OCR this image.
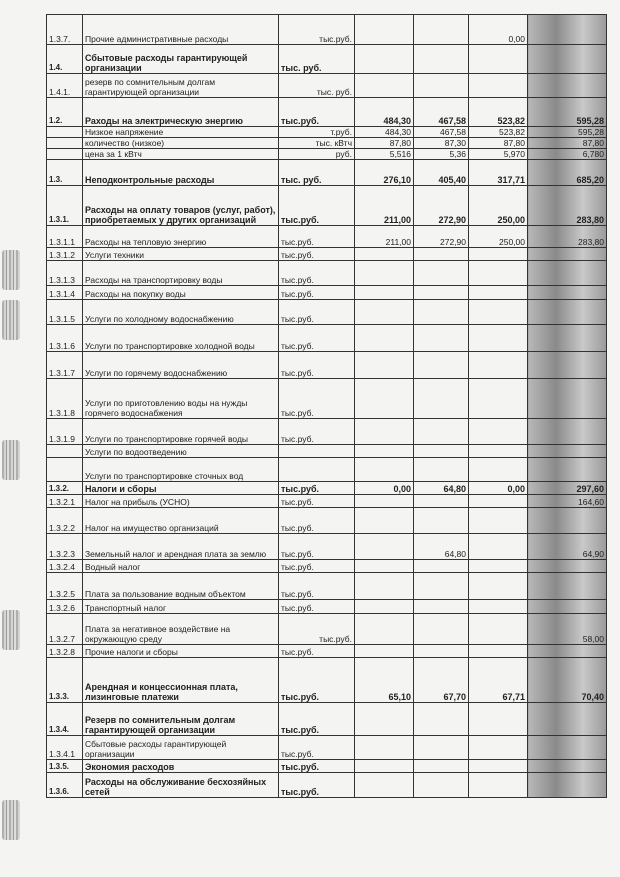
1.3.7.	Прочие административные расходы	тыс.руб.			0,00	
1.4.	Сбытовые расходы гарантирующей организации	тыс. руб.				
1.4.1.	резерв по сомнительным долгам гарантирующей организации	тыс. руб.				
1.2.	Раходы на электрическую энергию	тыс.руб.	484,30	467,58	523,82	595,28
	Низкое напряжение	т.руб.	484,30	467,58	523,82	595,28
	количество (низкое)	тыс. кВтч	87,80	87,30	87,80	87,80
	цена за 1 кВтч	руб.	5,516	5,36	5,970	6,780
1.3.	Неподконтрольные расходы	тыс. руб.	276,10	405,40	317,71	685,20
1.3.1.	Расходы на оплату товаров (услуг, работ), приобретаемых у других организаций	тыс.руб.	211,00	272,90	250,00	283,80
1.3.1.1	Расходы на тепловую энергию	тыс.руб.	211,00	272,90	250,00	283,80
1.3.1.2	Услуги техники	тыс.руб.				
1.3.1.3	Расходы на транспортировку воды	тыс.руб.				
1.3.1.4	Расходы на покупку воды	тыс.руб.				
1.3.1.5	Услуги по холодному водоснабжению	тыс.руб.				
1.3.1.6	Услуги по транспортировке холодной воды	тыс.руб.				
1.3.1.7	Услуги по горячему водоснабжению	тыс.руб.				
1.3.1.8	Услуги по приготовлению воды на нужды горячего водоснабжения	тыс.руб.				
1.3.1.9	Услуги по транспортировке горячей воды	тыс.руб.				
	Услуги по водоотведению					
	Услуги по транспортировке сточных вод					
1.3.2.	Налоги и сборы	тыс.руб.	0,00	64,80	0,00	297,60
1.3.2.1	Налог на прибыль (УСНО)	тыс.руб.				164,60
1.3.2.2	Налог на имущество организаций	тыс.руб.				
1.3.2.3	Земельный налог и арендная плата за землю	тыс.руб.		64,80		64,90
1.3.2.4	Водный налог	тыс.руб.				
1.3.2.5	Плата за пользование водным объектом	тыс.руб.				
1.3.2.6	Транспортный налог	тыс.руб.				
1.3.2.7	Плата за негативное воздействие на окружающую среду	тыс.руб.				58,00
1.3.2.8	Прочие налоги и сборы	тыс.руб.				
1.3.3.	Арендная и концессионная плата, лизинговые платежи	тыс.руб.	65,10	67,70	67,71	70,40
1.3.4.	Резерв по сомнительным долгам гарантирующей организации	тыс.руб.				
1.3.4.1	Сбытовые расходы гарантирующей организации	тыс.руб.				
1.3.5.	Экономия расходов	тыс.руб.				
1.3.6.	Расходы на обслуживание бесхозяйных сетей	тыс.руб.				
